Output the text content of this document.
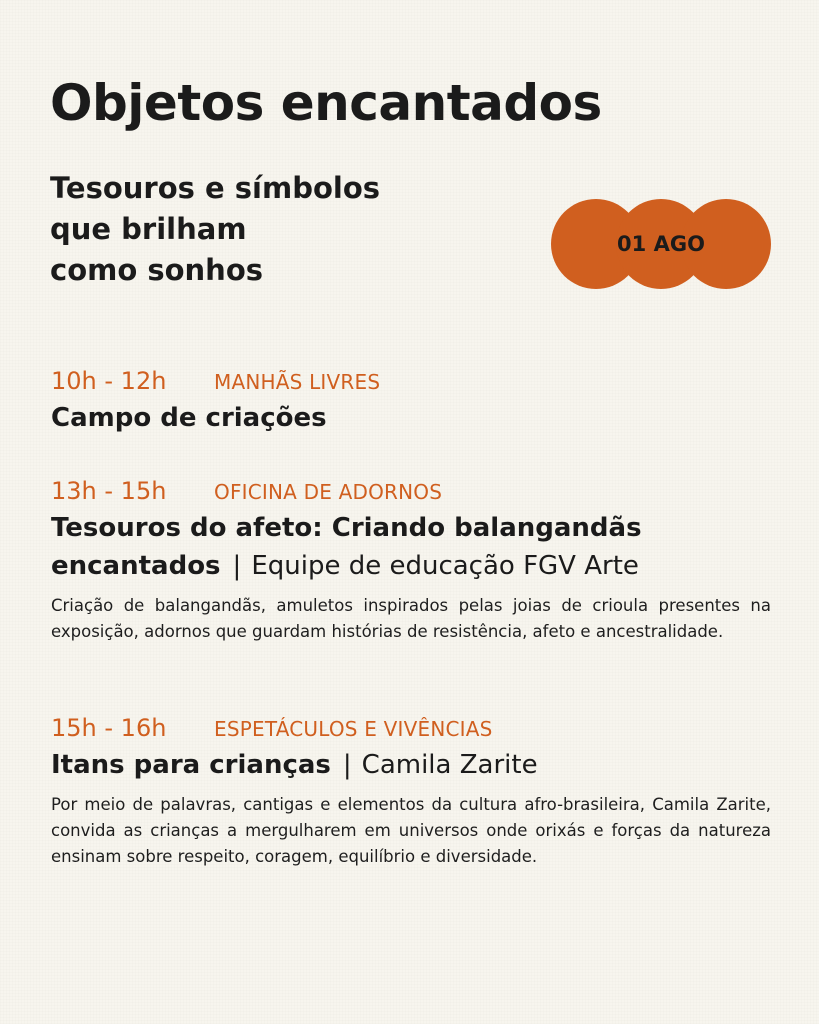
Objetos encantados
Tesouros e símbolos
que brilham
como sonhos
01 AGO
10h - 12h	MANHÃS LIVRES
Campo de criações
13h - 15h	OFICINA DE ADORNOS
Tesouros do afeto: Criando balangandãs encantados | Equipe de educação FGV Arte
Criação de balangandãs, amuletos inspirados pelas joias de crioula presentes na exposição, adornos que guardam histórias de resistência, afeto e ancestralidade.
15h - 16h	ESPETÁCULOS E VIVÊNCIAS
Itans para crianças | Camila Zarite
Por meio de palavras, cantigas e elementos da cultura afro-brasileira, Camila Zarite, convida as crianças a mergulharem em universos onde orixás e forças da natureza ensinam sobre respeito, coragem, equilíbrio e diversidade.
